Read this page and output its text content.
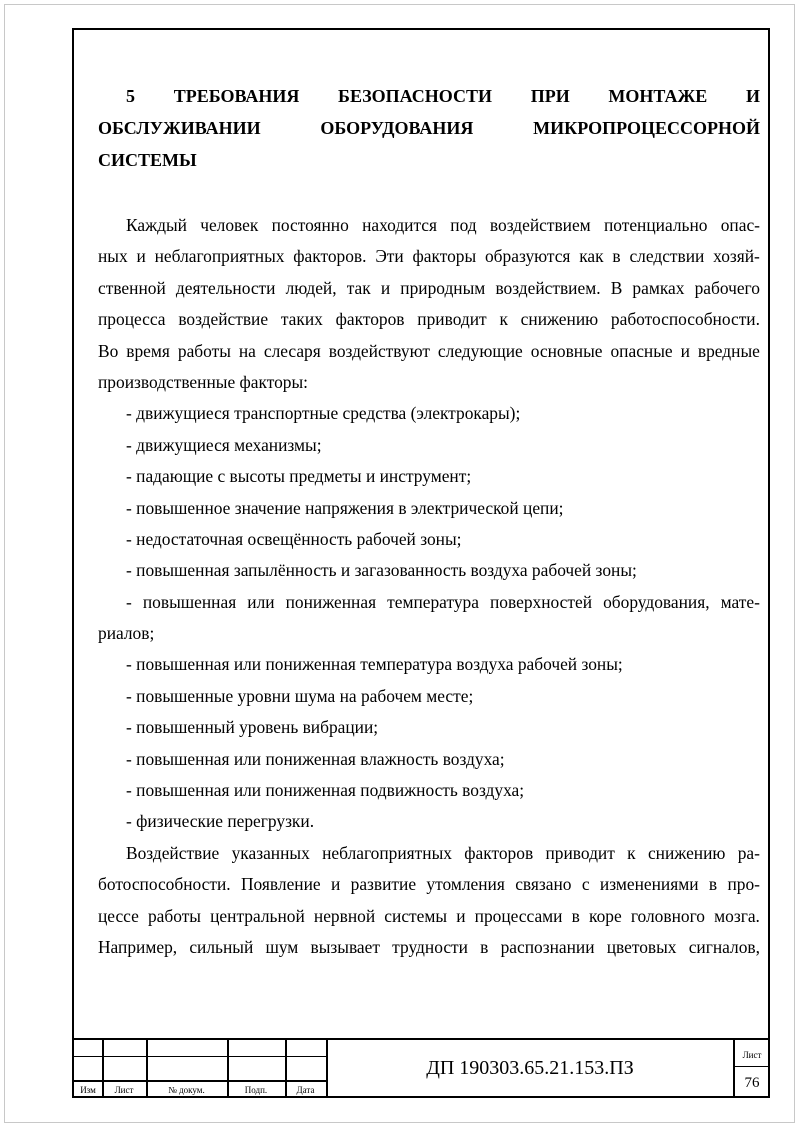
5 ТРЕБОВАНИЯ БЕЗОПАСНОСТИ ПРИ МОНТАЖЕ И
ОБСЛУЖИВАНИИ	ОБОРУДОВАНИЯ	МИКРОПРОЦЕССОРНОЙ
СИСТЕМЫ
Каждый человек постоянно находится под воздействием потенциально опас-
ных и неблагоприятных факторов. Эти факторы образуются как в следствии хозяй-
ственной деятельности людей, так и природным воздействием. В рамках рабочего
процесса воздействие таких факторов приводит к снижению работоспособности.
Во время работы на слесаря воздействуют следующие основные опасные и вредные
производственные факторы:
- движущиеся транспортные средства (электрокары);
- движущиеся механизмы;
- падающие с высоты предметы и инструмент;
- повышенное значение напряжения в электрической цепи;
- недостаточная освещённость рабочей зоны;
- повышенная запылённость и загазованность воздуха рабочей зоны;
- повышенная или пониженная температура поверхностей оборудования, мате-
риалов;
- повышенная или пониженная температура воздуха рабочей зоны;
- повышенные уровни шума на рабочем месте;
- повышенный уровень вибрации;
- повышенная или пониженная влажность воздуха;
- повышенная или пониженная подвижность воздуха;
- физические перегрузки.
Воздействие указанных неблагоприятных факторов приводит к снижению ра-
ботоспособности. Появление и развитие утомления связано с изменениями в про-
цессе работы центральной нервной системы и процессами в коре головного мозга.
Например, сильный шум вызывает трудности в распознании цветовых сигналов,
Изм	Лист	№ докум.	Подп.	Дата
ДП 190303.65.21.153.ПЗ
Лист
76
